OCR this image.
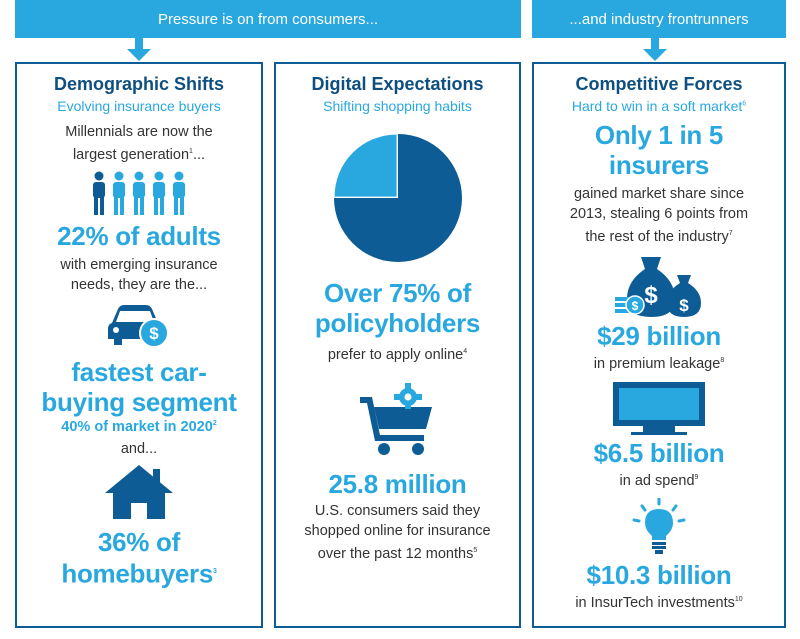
Pressure is on from consumers...	...and industry frontrunners
Demographic Shifts
Evolving insurance buyers
Millennials are now the
largest generation$^1$...
22% of adults
with emerging insurance
needs, they are the...
$
fastest car-
buying segment
40% of market in 2020$^2$
and...
36% of
homebuyers$^3$
Digital Expectations
Shifting shopping habits
Over 75% of
policyholders
prefer to apply online$^4$
25.8 million
U.S. consumers said they
shopped online for insurance
over the past 12 months$^5$
Competitive Forces
Hard to win in a soft market$^6$
Only 1 in 5
insurers
gained market share since
2013, stealing 6 points from
the rest of the industry$^7$
$ $
$
$29 billion
in premium leakage$^8$
$6.5 billion
in ad spend$^9$
$10.3 billion
in InsurTech investments$^{10}$
